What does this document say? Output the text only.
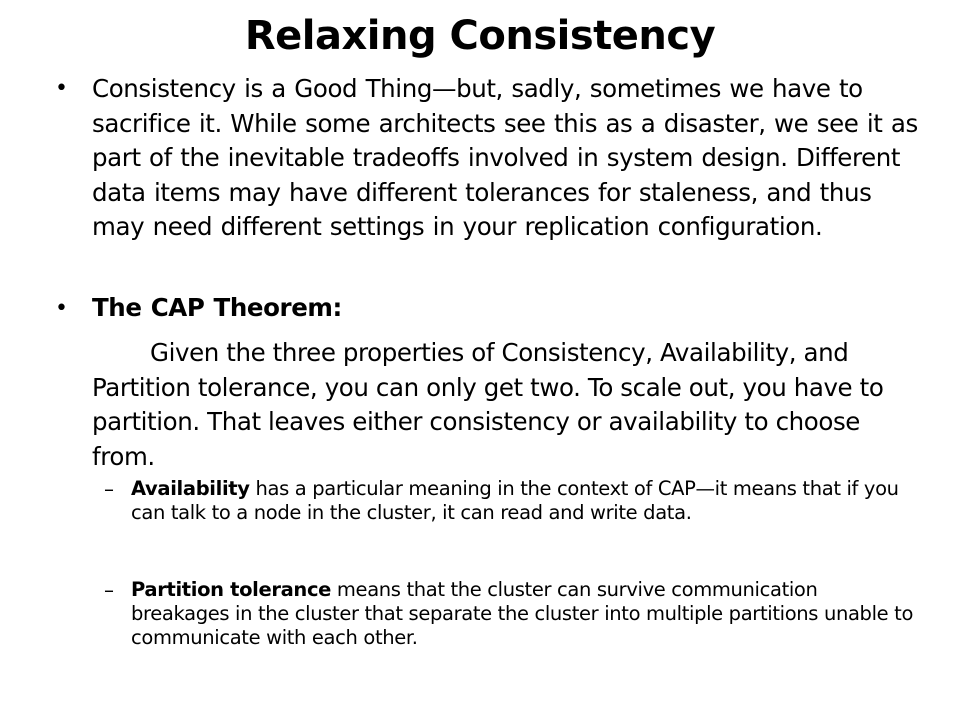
Relaxing Consistency
• Consistency is a Good Thing—but, sadly, sometimes we have to sacrifice it. While some architects see this as a disaster, we see it as part of the inevitable tradeoffs involved in system design. Different data items may have different tolerances for staleness, and thus may need different settings in your replication configuration.
• The CAP Theorem:
Given the three properties of Consistency, Availability, and Partition tolerance, you can only get two. To scale out, you have to partition. That leaves either consistency or availability to choose from.
– Availability has a particular meaning in the context of CAP—it means that if you can talk to a node in the cluster, it can read and write data.
– Partition tolerance means that the cluster can survive communication breakages in the cluster that separate the cluster into multiple partitions unable to communicate with each other.
